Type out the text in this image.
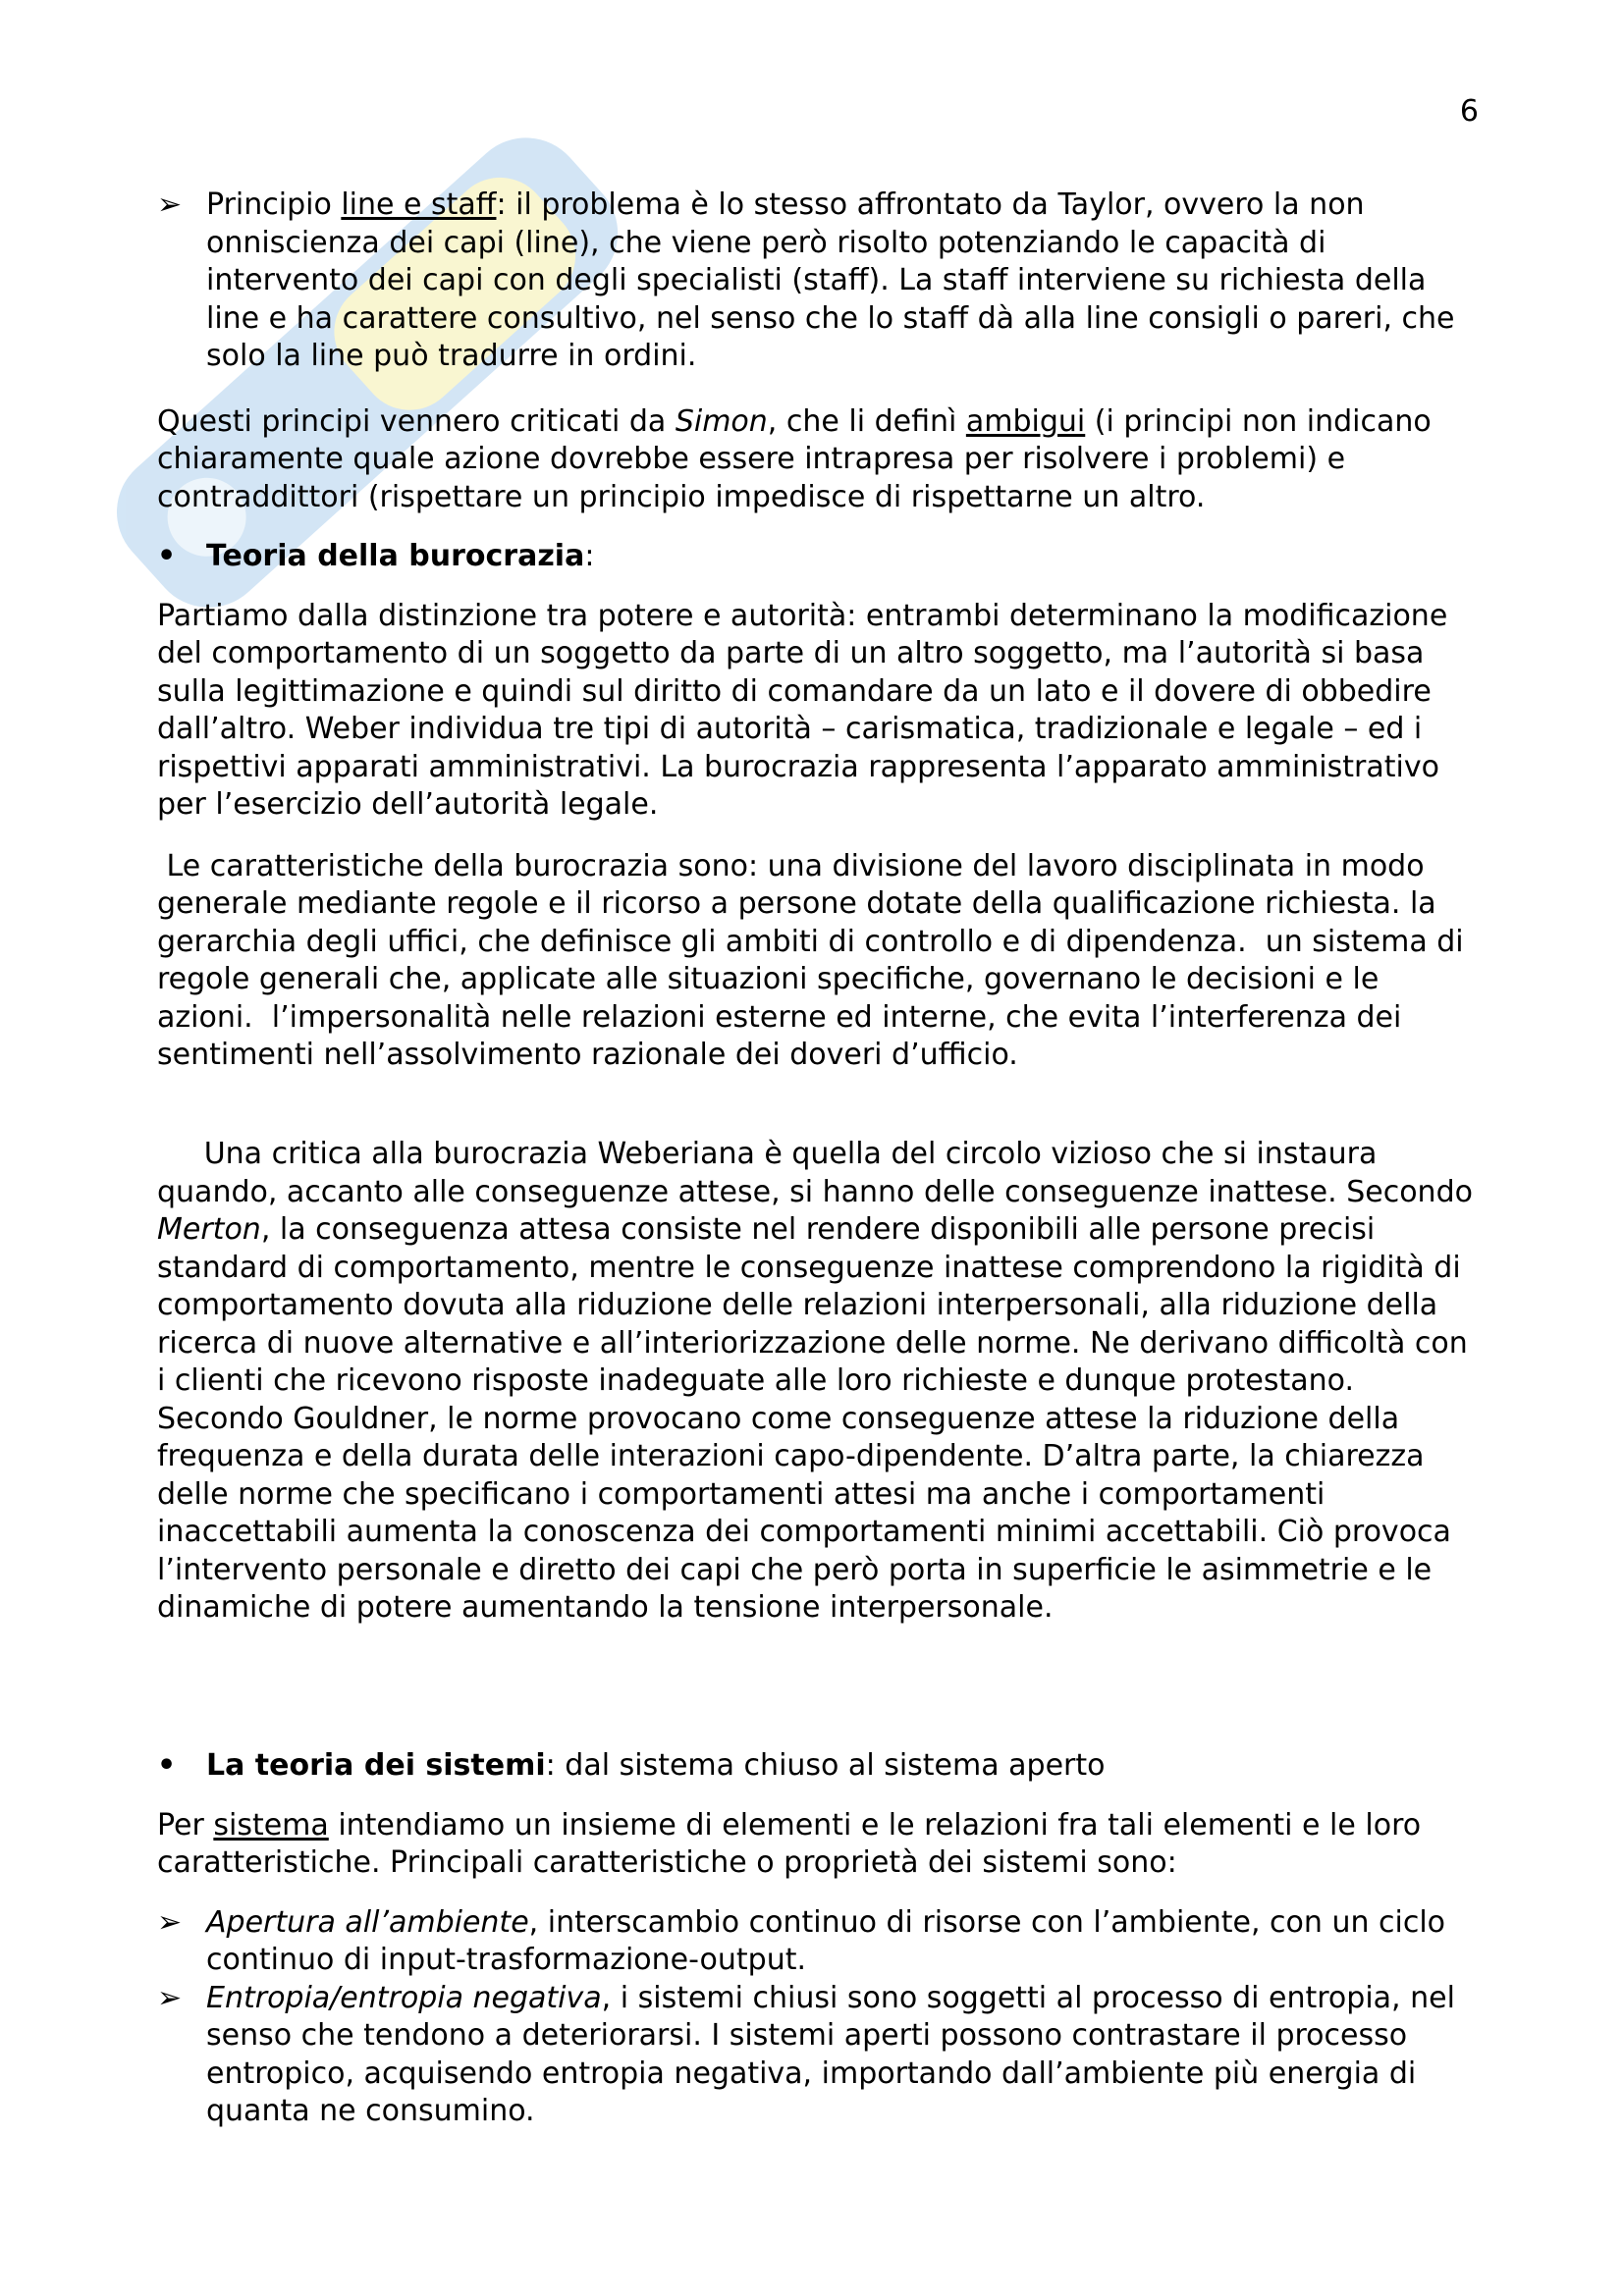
6

➢ Principio line e staff: il problema è lo stesso affrontato da Taylor, ovvero la non onniscienza dei capi (line), che viene però risolto potenziando le capacità di intervento dei capi con degli specialisti (staff). La staff interviene su richiesta della line e ha carattere consultivo, nel senso che lo staff dà alla line consigli o pareri, che solo la line può tradurre in ordini.

Questi principi vennero criticati da Simon, che li definì ambigui (i principi non indicano chiaramente quale azione dovrebbe essere intrapresa per risolvere i problemi) e contraddittori (rispettare un principio impedisce di rispettarne un altro.

• Teoria della burocrazia:

Partiamo dalla distinzione tra potere e autorità: entrambi determinano la modificazione del comportamento di un soggetto da parte di un altro soggetto, ma l’autorità si basa sulla legittimazione e quindi sul diritto di comandare da un lato e il dovere di obbedire dall’altro. Weber individua tre tipi di autorità – carismatica, tradizionale e legale – ed i rispettivi apparati amministrativi. La burocrazia rappresenta l’apparato amministrativo per l’esercizio dell’autorità legale.

Le caratteristiche della burocrazia sono: una divisione del lavoro disciplinata in modo generale mediante regole e il ricorso a persone dotate della qualificazione richiesta. la gerarchia degli uffici, che definisce gli ambiti di controllo e di dipendenza.  un sistema di regole generali che, applicate alle situazioni specifiche, governano le decisioni e le azioni.  l’impersonalità nelle relazioni esterne ed interne, che evita l’interferenza dei sentimenti nell’assolvimento razionale dei doveri d’ufficio.

Una critica alla burocrazia Weberiana è quella del circolo vizioso che si instaura quando, accanto alle conseguenze attese, si hanno delle conseguenze inattese. Secondo Merton, la conseguenza attesa consiste nel rendere disponibili alle persone precisi standard di comportamento, mentre le conseguenze inattese comprendono la rigidità di comportamento dovuta alla riduzione delle relazioni interpersonali, alla riduzione della ricerca di nuove alternative e all’interiorizzazione delle norme. Ne derivano difficoltà con i clienti che ricevono risposte inadeguate alle loro richieste e dunque protestano. Secondo Gouldner, le norme provocano come conseguenze attese la riduzione della frequenza e della durata delle interazioni capo-dipendente. D’altra parte, la chiarezza delle norme che specificano i comportamenti attesi ma anche i comportamenti inaccettabili aumenta la conoscenza dei comportamenti minimi accettabili. Ciò provoca l’intervento personale e diretto dei capi che però porta in superficie le asimmetrie e le dinamiche di potere aumentando la tensione interpersonale.

• La teoria dei sistemi: dal sistema chiuso al sistema aperto

Per sistema intendiamo un insieme di elementi e le relazioni fra tali elementi e le loro caratteristiche. Principali caratteristiche o proprietà dei sistemi sono:

➢ Apertura all’ambiente, interscambio continuo di risorse con l’ambiente, con un ciclo continuo di input-trasformazione-output.

➢ Entropia/entropia negativa, i sistemi chiusi sono soggetti al processo di entropia, nel senso che tendono a deteriorarsi. I sistemi aperti possono contrastare il processo entropico, acquisendo entropia negativa, importando dall’ambiente più energia di quanta ne consumino.
